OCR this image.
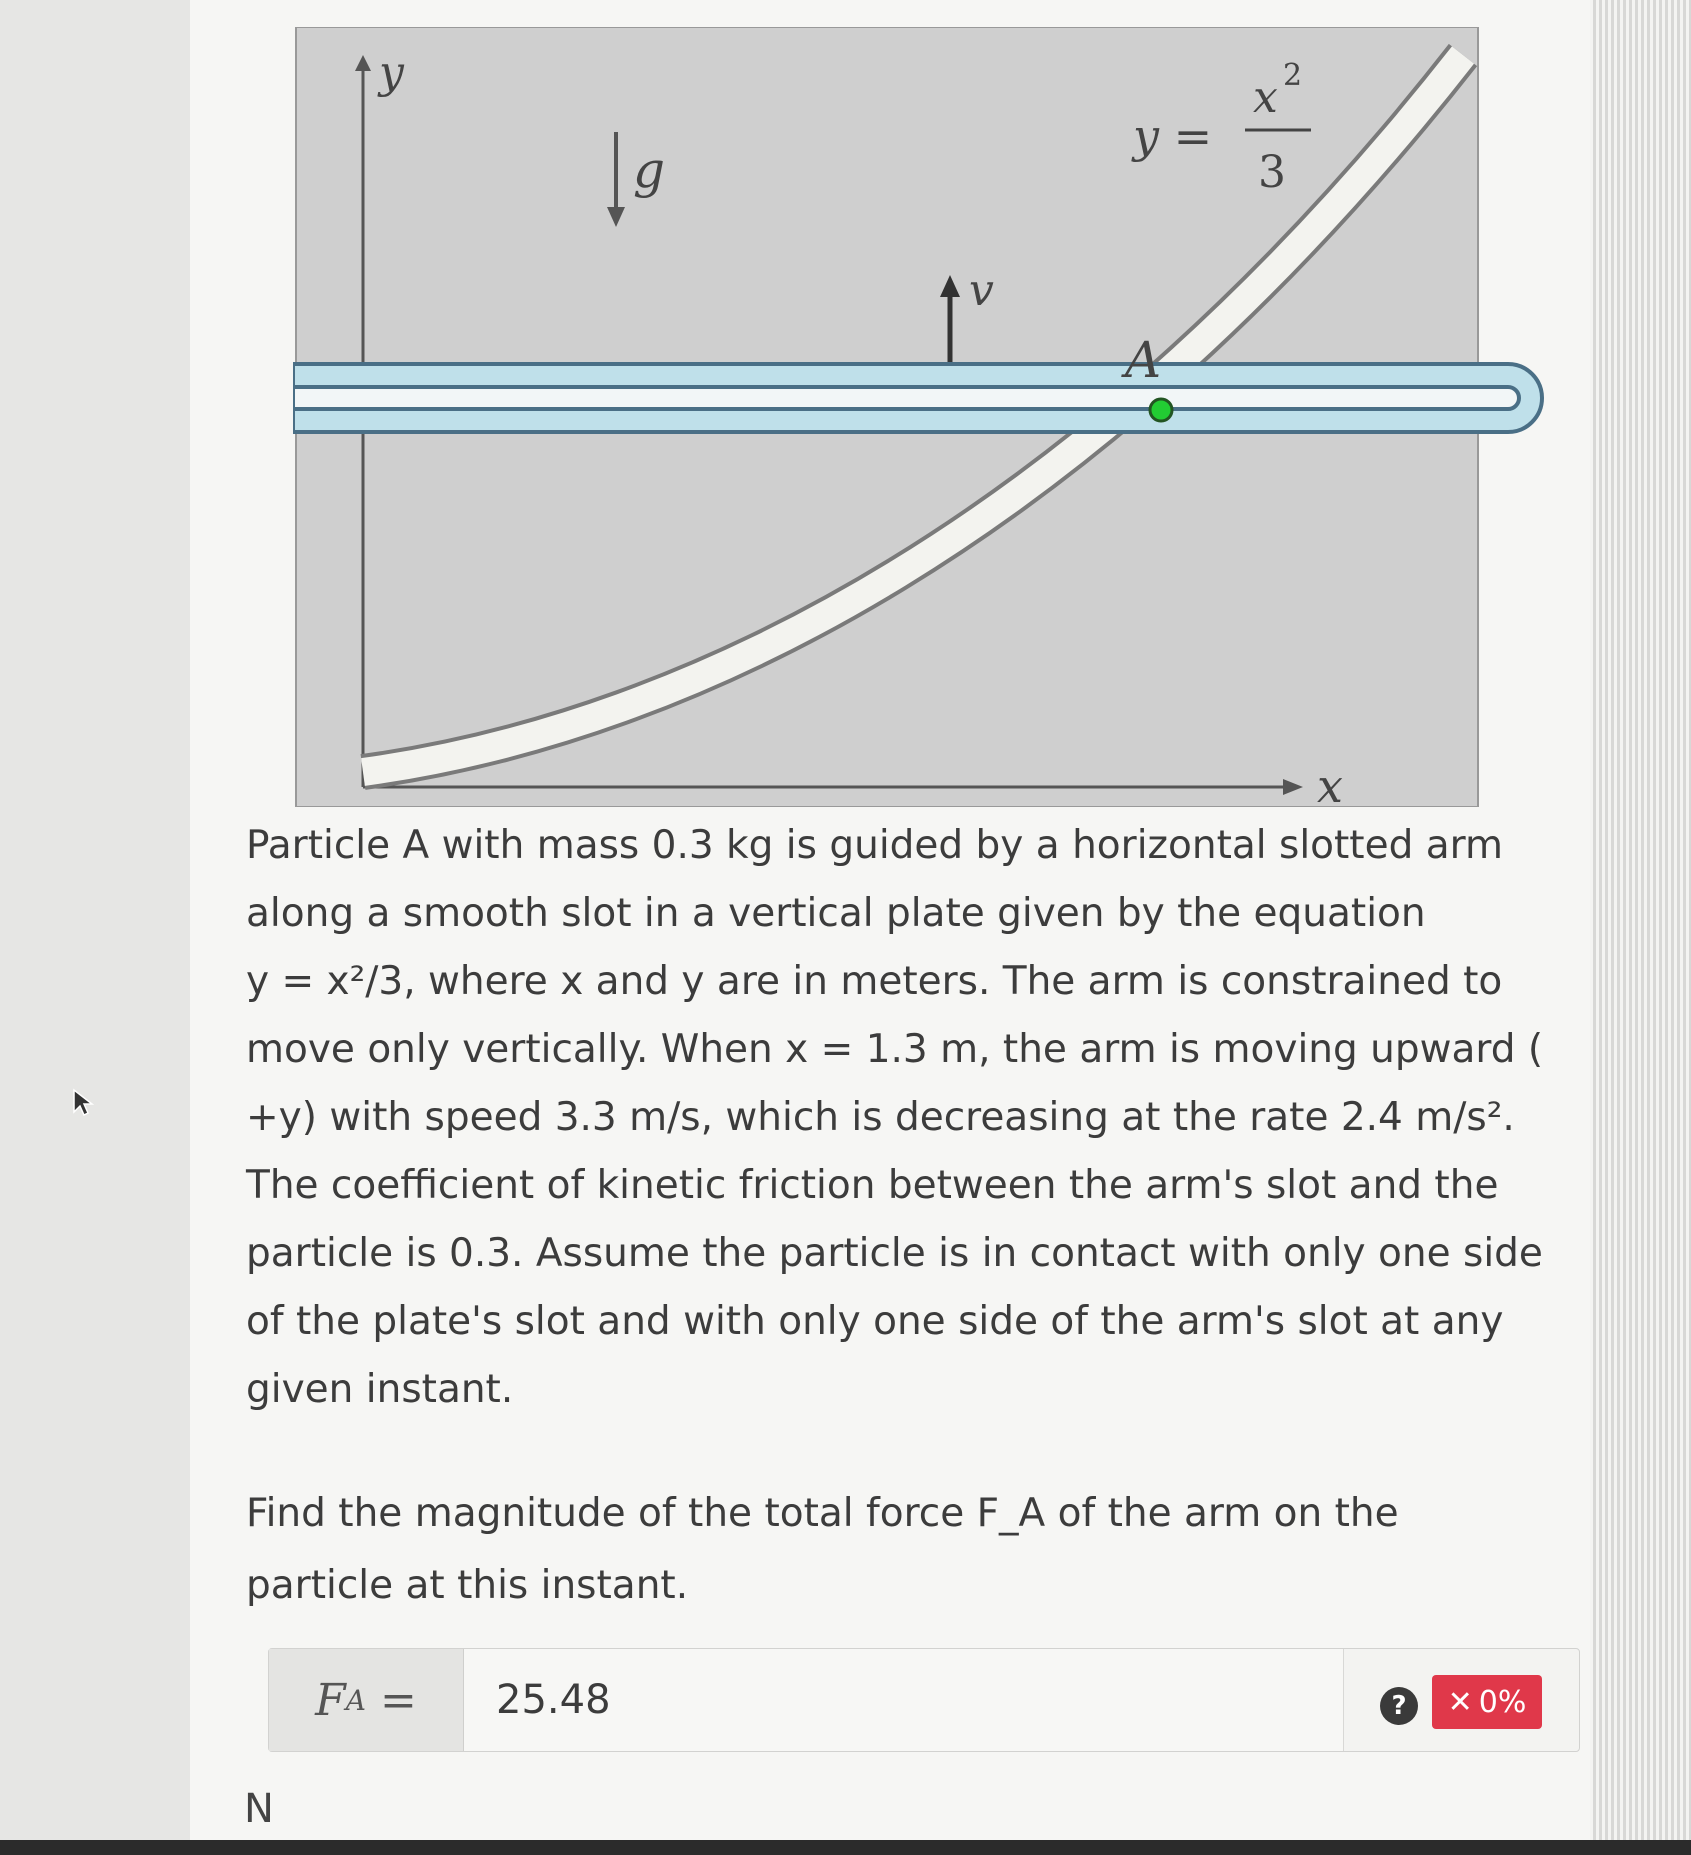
y
x
g
y =
x 2
3
v
A

Particle A with mass 0.3 kg is guided by a horizontal slotted arm

along a smooth slot in a vertical plate given by the equation

y = x²/3, where x and y are in meters. The arm is constrained to

move only vertically. When x = 1.3 m, the arm is moving upward (

+y) with speed 3.3 m/s, which is decreasing at the rate 2.4 m/s².

The coefficient of kinetic friction between the arm's slot and the

particle is 0.3. Assume the particle is in contact with only one side

of the plate's slot and with only one side of the arm's slot at any

given instant.

Find the magnitude of the total force F_A of the arm on the

particle at this instant.

F A
=
25.48	?	✕ 0%
N
